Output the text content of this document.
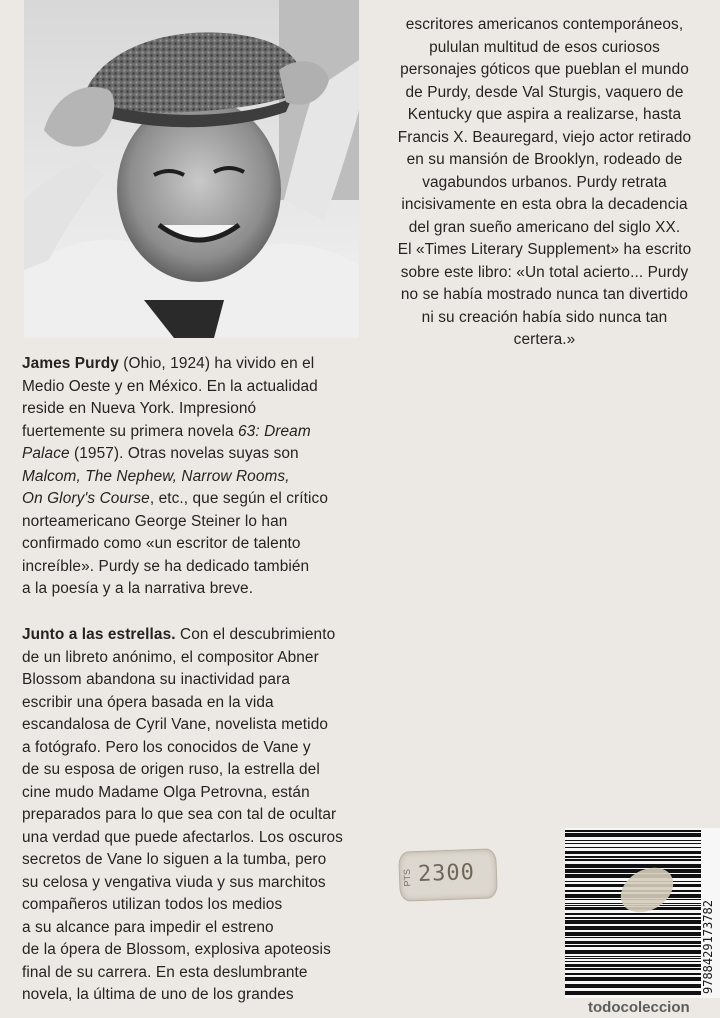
James Purdy (Ohio, 1924) ha vivido en el
Medio Oeste y en México. En la actualidad
reside en Nueva York. Impresionó
fuertemente su primera novela 63: Dream
Palace (1957). Otras novelas suyas son
Malcom, The Nephew, Narrow Rooms,
On Glory's Course, etc., que según el crítico
norteamericano George Steiner lo han
confirmado como «un escritor de talento
increíble». Purdy se ha dedicado también
a la poesía y a la narrativa breve.
Junto a las estrellas. Con el descubrimiento
de un libreto anónimo, el compositor Abner
Blossom abandona su inactividad para
escribir una ópera basada en la vida
escandalosa de Cyril Vane, novelista metido
a fotógrafo. Pero los conocidos de Vane y
de su esposa de origen ruso, la estrella del
cine mudo Madame Olga Petrovna, están
preparados para lo que sea con tal de ocultar
una verdad que puede afectarlos. Los oscuros
secretos de Vane lo siguen a la tumba, pero
su celosa y vengativa viuda y sus marchitos
compañeros utilizan todos los medios
a su alcance para impedir el estreno
de la ópera de Blossom, explosiva apoteosis
final de su carrera. En esta deslumbrante
novela, la última de uno de los grandes
escritores americanos contemporáneos,
pululan multitud de esos curiosos
personajes góticos que pueblan el mundo
de Purdy, desde Val Sturgis, vaquero de
Kentucky que aspira a realizarse, hasta
Francis X. Beauregard, viejo actor retirado
en su mansión de Brooklyn, rodeado de
vagabundos urbanos. Purdy retrata
incisivamente en esta obra la decadencia
del gran sueño americano del siglo XX.
El «Times Literary Supplement» ha escrito
sobre este libro: «Un total acierto... Purdy
no se había mostrado nunca tan divertido
ni su creación había sido nunca tan
certera.»
PTS 2300
9788429173782
todocoleccion
